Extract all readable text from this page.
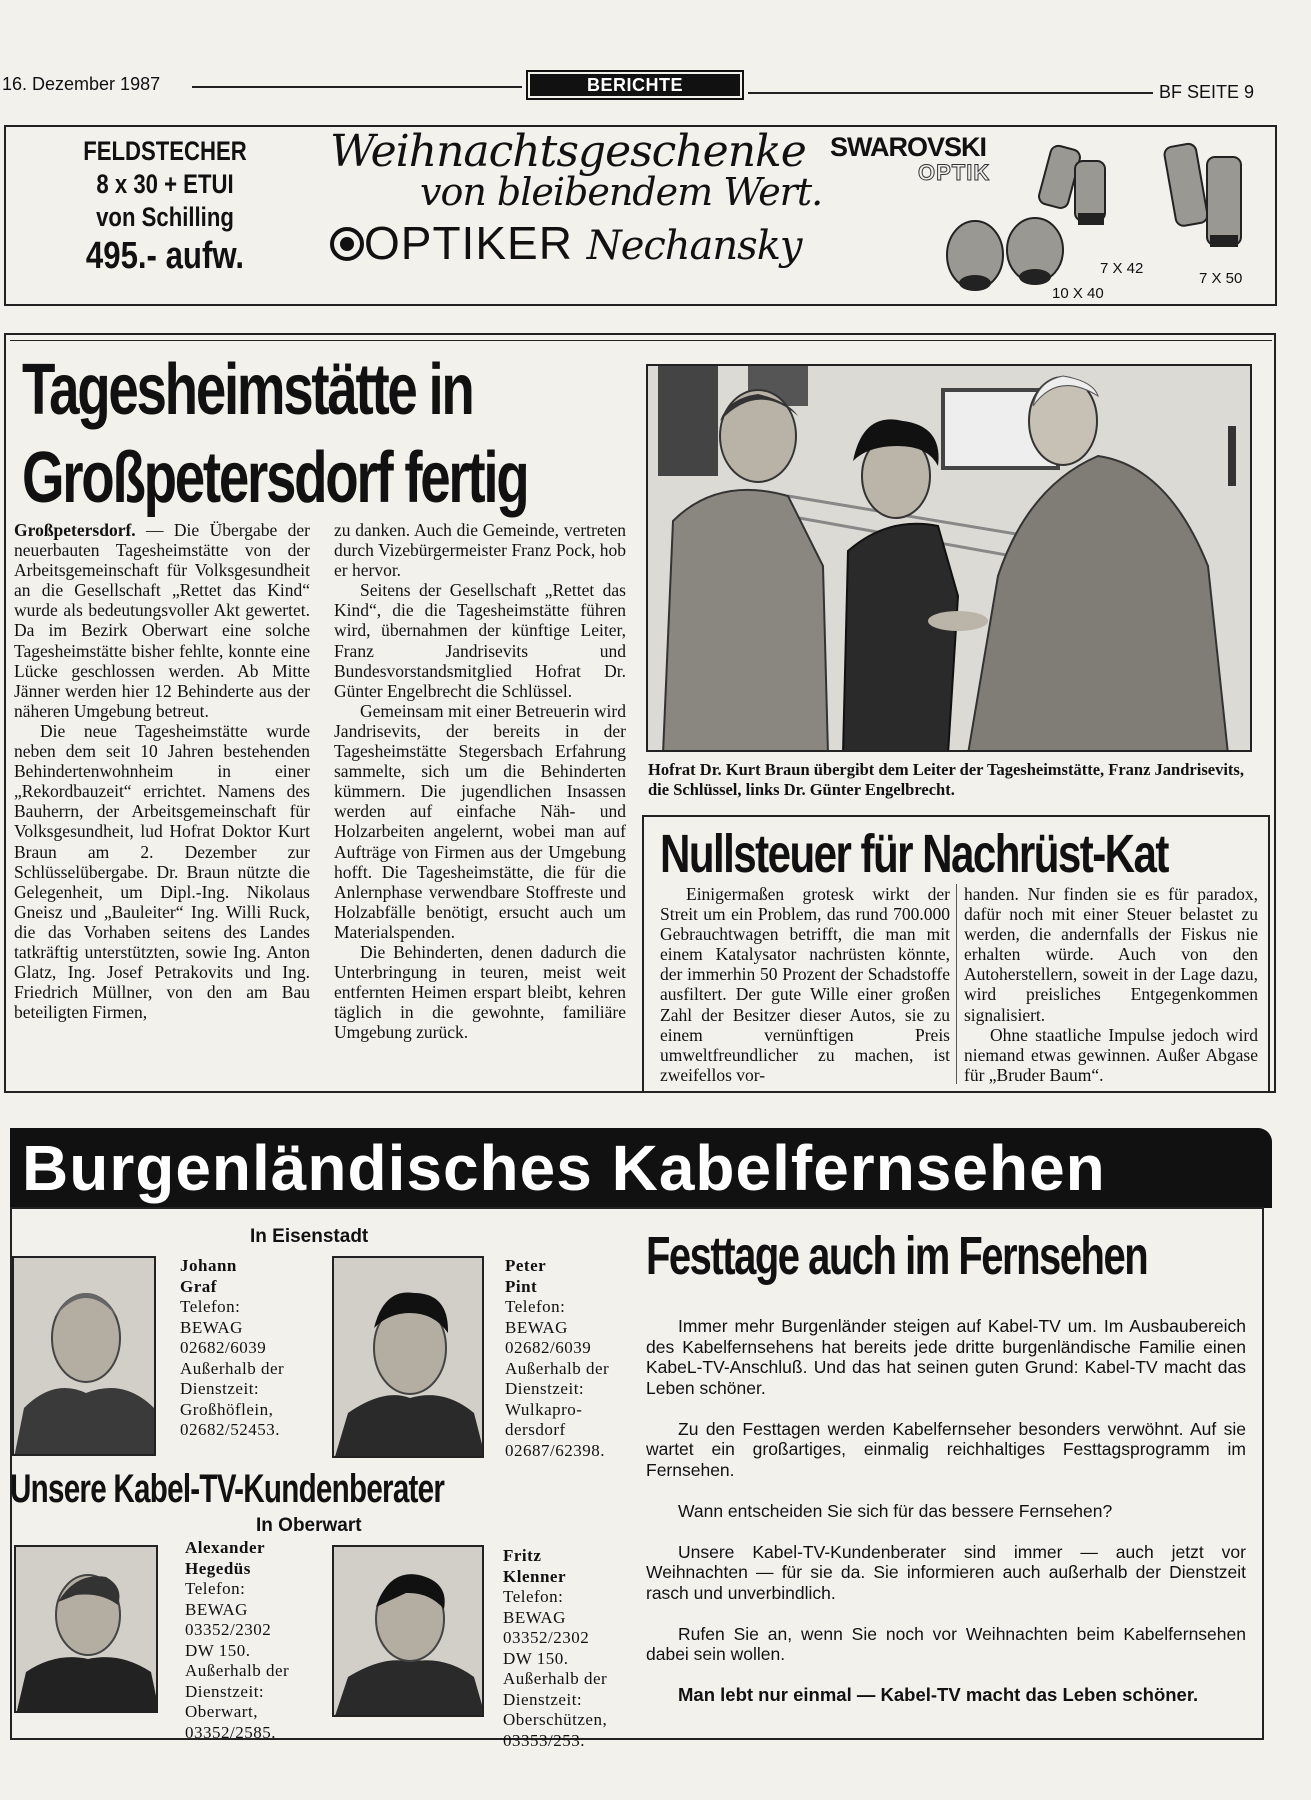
16. Dezember 1987	BERICHTE	BF SEITE 9
FELDSTECHER
8 x 30 + ETUI
von Schilling
495.- aufw.
Weihnachtsgeschenke
von bleibendem Wert.
OPTIKER Nechansky
SWAROVSKI
OPTIK
10 X 40
7 X 42
7 X 50
Tagesheimstätte in
Großpetersdorf fertig

Großpetersdorf. — Die Übergabe der neuerbauten Tagesheimstätte von der Arbeitsgemeinschaft für Volksgesundheit an die Gesellschaft „Rettet das Kind“ wurde als bedeutungsvoller Akt gewertet. Da im Bezirk Oberwart eine solche Tagesheimstätte bisher fehlte, konnte eine Lücke geschlossen werden. Ab Mitte Jänner werden hier 12 Behinderte aus der näheren Umgebung betreut.

Die neue Tagesheimstätte wurde neben dem seit 10 Jahren bestehenden Behindertenwohnheim in einer „Rekordbauzeit“ errichtet. Namens des Bauherrn, der Arbeitsgemeinschaft für Volksgesundheit, lud Hofrat Doktor Kurt Braun am 2. Dezember zur Schlüsselübergabe. Dr. Braun nützte die Gelegenheit, um Dipl.-Ing. Nikolaus Gneisz und „Bauleiter“ Ing. Willi Ruck, die das Vorhaben seitens des Landes tatkräftig unterstützten, sowie Ing. Anton Glatz, Ing. Josef Petrakovits und Ing. Friedrich Müllner, von den am Bau beteiligten Firmen,

zu danken. Auch die Gemeinde, vertreten durch Vizebürgermeister Franz Pock, hob er hervor.

Seitens der Gesellschaft „Rettet das Kind“, die die Tagesheimstätte führen wird, übernahmen der künftige Leiter, Franz Jandrisevits und Bundesvorstandsmitglied Hofrat Dr. Günter Engelbrecht die Schlüssel.

Gemeinsam mit einer Betreuerin wird Jandrisevits, der bereits in der Tagesheimstätte Stegersbach Erfahrung sammelte, sich um die Behinderten kümmern. Die jugendlichen Insassen werden auf einfache Näh- und Holzarbeiten angelernt, wobei man auf Aufträge von Firmen aus der Umgebung hofft. Die Tagesheimstätte, die für die Anlernphase verwendbare Stoffreste und Holzabfälle benötigt, ersucht auch um Materialspenden.

Die Behinderten, denen dadurch die Unterbringung in teuren, meist weit entfernten Heimen erspart bleibt, kehren täglich in die gewohnte, familiäre Umgebung zurück.

Hofrat Dr. Kurt Braun übergibt dem Leiter der Tagesheimstätte, Franz Jandrisevits, die Schlüssel, links Dr. Günter Engelbrecht.
Nullsteuer für Nachrüst-Kat

Einigermaßen grotesk wirkt der Streit um ein Problem, das rund 700.000 Gebrauchtwagen betrifft, die man mit einem Katalysator nachrüsten könnte, der immerhin 50 Prozent der Schadstoffe ausfiltert. Der gute Wille einer großen Zahl der Besitzer dieser Autos, sie zu einem vernünftigen Preis umweltfreundlicher zu machen, ist zweifellos vor-

handen. Nur finden sie es für paradox, dafür noch mit einer Steuer belastet zu werden, die andernfalls der Fiskus nie erhalten würde. Auch von den Autoherstellern, soweit in der Lage dazu, wird preisliches Entgegenkommen signalisiert.

Ohne staatliche Impulse jedoch wird niemand etwas gewinnen. Außer Abgase für „Bruder Baum“.

Burgenländisches Kabelfernsehen
In Eisenstadt
Johann
Graf
Telefon:
BEWAG
02682/6039
Außerhalb der
Dienstzeit:
Großhöflein,
02682/52453.
Peter
Pint
Telefon:
BEWAG
02682/6039
Außerhalb der
Dienstzeit:
Wulkapro-
dersdorf
02687/62398.
Unsere Kabel-TV-Kundenberater
In Oberwart
Alexander
Hegedüs
Telefon:
BEWAG
03352/2302
DW 150.
Außerhalb der
Dienstzeit:
Oberwart,
03352/2585.
Fritz
Klenner
Telefon:
BEWAG
03352/2302
DW 150.
Außerhalb der
Dienstzeit:
Oberschützen,
03353/253.
Festtage auch im Fernsehen

Immer mehr Burgenländer steigen auf Kabel-TV um. Im Ausbaubereich des Kabelfernsehens hat bereits jede dritte burgenländische Familie einen KabeL-TV-Anschluß. Und das hat seinen guten Grund: Kabel-TV macht das Leben schöner.

Zu den Festtagen werden Kabelfernseher besonders verwöhnt. Auf sie wartet ein großartiges, einmalig reichhaltiges Festtagsprogramm im Fernsehen.

Wann entscheiden Sie sich für das bessere Fernsehen?

Unsere Kabel-TV-Kundenberater sind immer — auch jetzt vor Weihnachten — für sie da. Sie informieren auch außerhalb der Dienstzeit rasch und unverbindlich.

Rufen Sie an, wenn Sie noch vor Weihnachten beim Kabelfernsehen dabei sein wollen.

Man lebt nur einmal — Kabel-TV macht das Leben schöner.
